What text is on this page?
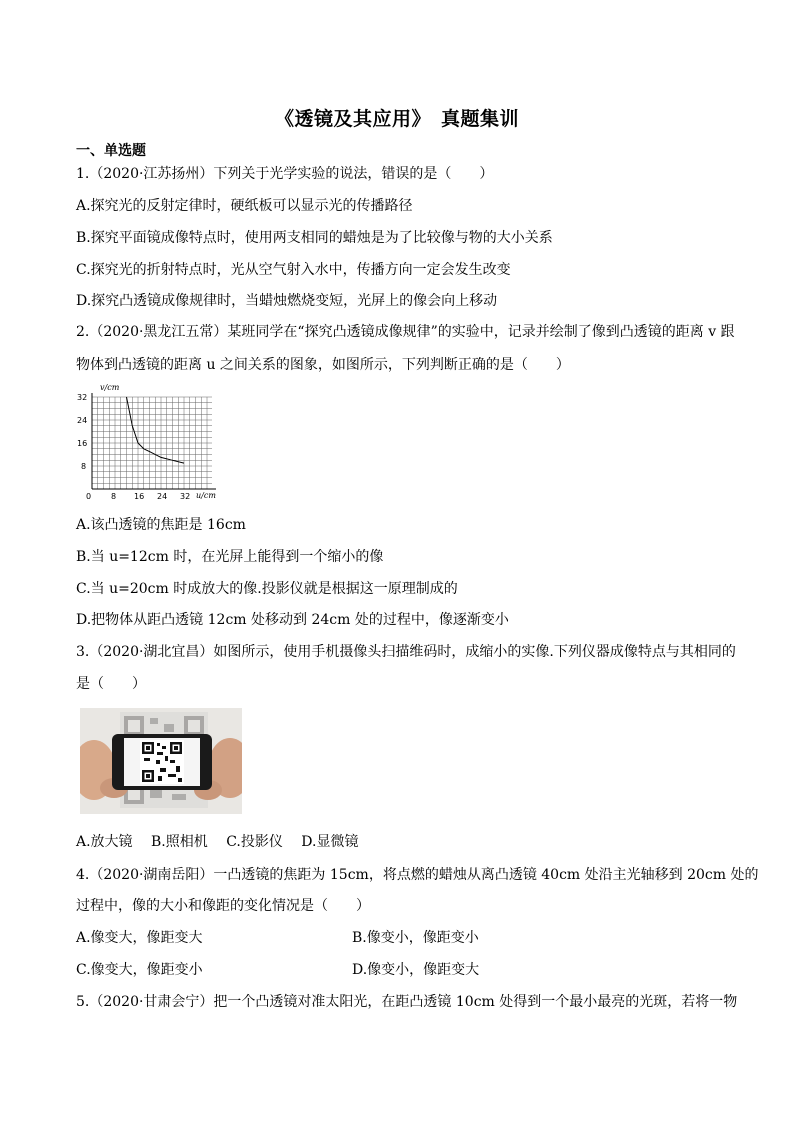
《透镜及其应用》　真题集训
一、单选题
1.（2020·江苏扬州）下列关于光学实验的说法，错误的是（　　）
A.探究光的反射定律时，硬纸板可以显示光的传播路径
B.探究平面镜成像特点时，使用两支相同的蜡烛是为了比较像与物的大小关系
C.探究光的折射特点时，光从空气射入水中，传播方向一定会发生改变
D.探究凸透镜成像规律时，当蜡烛燃烧变短，光屏上的像会向上移动
2.（2020·黑龙江五常）某班同学在“探究凸透镜成像规律”的实验中，记录并绘制了像到凸透镜的距离 v 跟
物体到凸透镜的距离 u 之间关系的图象，如图所示，下列判断正确的是（　　）
0 8 16 24 32
8
16
24
32
v/cm
u/cm
A.该凸透镜的焦距是 16cm
B.当 u=12cm 时，在光屏上能得到一个缩小的像
C.当 u=20cm 时成放大的像.投影仪就是根据这一原理制成的
D.把物体从距凸透镜 12cm 处移动到 24cm 处的过程中，像逐渐变小
3.（2020·湖北宜昌）如图所示，使用手机摄像头扫描维码时，成缩小的实像.下列仪器成像特点与其相同的
是（　　）
A.放大镜　 B.照相机　 C.投影仪　 D.显微镜
4.（2020·湖南岳阳）一凸透镜的焦距为 15cm，将点燃的蜡烛从离凸透镜 40cm 处沿主光轴移到 20cm 处的
过程中，像的大小和像距的变化情况是（　　）
A.像变大，像距变大	B.像变小，像距变小
C.像变大，像距变小	D.像变小，像距变大
5.（2020·甘肃会宁）把一个凸透镜对准太阳光，在距凸透镜 10cm 处得到一个最小最亮的光斑，若将一物
